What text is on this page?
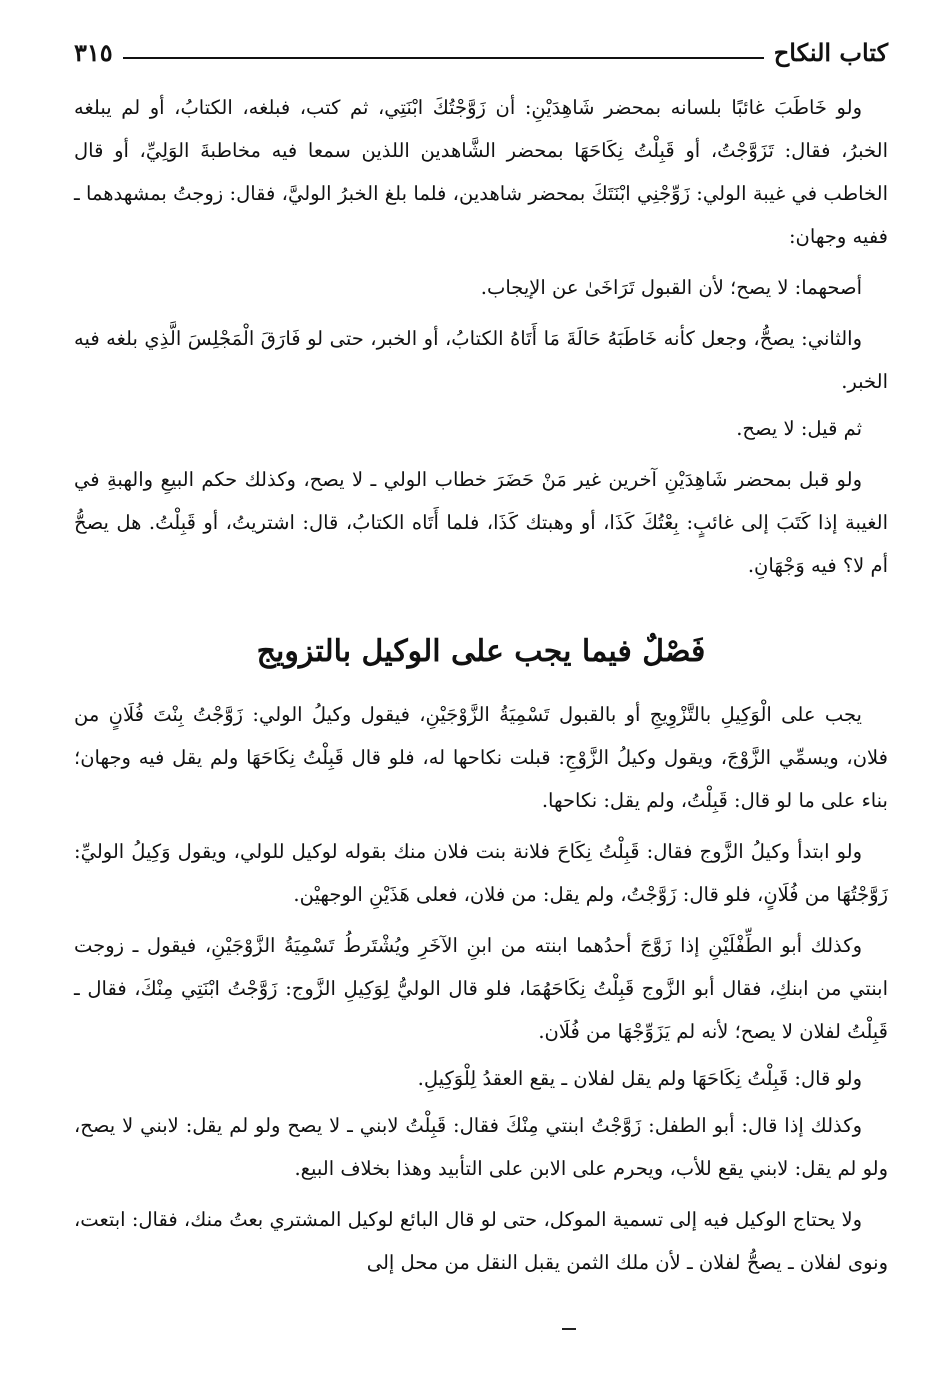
كتاب النكاح
٣١٥

ولو خَاطَبَ غائبًا بلسانه بمحضر شَاهِدَيْنِ: أن زَوَّجْتُكَ ابْنَتِي، ثم كتب، فبلغه، الكتابُ، أو لم يبلغه الخبرُ، فقال: تَزَوَّجْتُ، أو قَبِلْتُ نِكَاحَهَا بمحضر الشَّاهدين اللذين سمعا فيه مخاطبةَ الوَلِيِّ، أو قال الخاطب في غيبة الولي: زَوِّجْنِي ابْنَتَكَ بمحضر شاهدين، فلما بلغ الخبرُ الوليَّ، فقال: زوجتُ بمشهدهما ـ ففيه وجهان:

أصحهما: لا يصح؛ لأن القبول تَرَاخَىٰ عن الإيجاب.

والثاني: يصحُّ، وجعل كأنه خَاطَبَهُ حَالَةَ مَا أَتَاهُ الكتابُ، أو الخبر، حتى لو فَارَقَ الْمَجْلِسَ الَّذِي بلغه فيه الخبر.

ثم قيل: لا يصح.

ولو قبل بمحضر شَاهِدَيْنِ آخرين غير مَنْ حَضَرَ خطاب الولي ـ لا يصح، وكذلك حكم البيعِ والهبةِ في الغيبة إذا كَتَبَ إلى غائبٍ: بِعْتُكَ كَذَا، أو وهبتك كَذَا، فلما أَتَاه الكتابُ، قال: اشتريتُ، أو قَبِلْتُ. هل يصحُّ أم لا؟ فيه وَجْهَانِ.

فَصْلٌ فيما يجب على الوكيل بالتزويج

يجب على الْوَكِيلِ بالتَّزْوِيجِ أو بالقبول تَسْمِيَةُ الزَّوْجَيْنِ، فيقول وكيلُ الولي: زَوَّجْتُ بِنْتَ فُلَانٍ من فلان، ويسمِّي الزَّوْجَ، ويقول وكيلُ الزَّوْجِ: قبلت نكاحها له، فلو قال قَبِلْتُ نِكَاحَهَا ولم يقل فيه وجهان؛ بناء على ما لو قال: قَبِلْتُ، ولم يقل: نكاحها.

ولو ابتدأ وكيلُ الزَّوج فقال: قَبِلْتُ نِكَاحَ فلانة بنت فلان منك بقوله لوكيل للولي، ويقول وَكِيلُ الوليِّ: زَوَّجْتُهَا من فُلَانٍ، فلو قال: زَوَّجْتُ، ولم يقل: من فلان، فعلى هَذَيْنِ الوجهيْن.

وكذلك أبو الطِّفْلَيْنِ إذا زَوَّجَ أحدُهما ابنته من ابنِ الآخَرِ ويُشْتَرطُ تَسْمِيَةُ الزَّوْجَيْنِ، فيقول ـ زوجت ابنتي من ابنكِ، فقال أبو الزَّوج قَبِلْتُ نِكَاحَهُمَا، فلو قال الوليُّ لِوَكِيلِ الزَّوج: زَوَّجْتُ ابْنَتِي مِنْكَ، فقال ـ قَبِلْتُ لفلان لا يصح؛ لأنه لم يَزَوِّجْهَا من فُلَان.

ولو قال: قَبِلْتُ نِكَاحَهَا ولم يقل لفلان ـ يقع العقدُ لِلْوَكِيلِ.

وكذلك إذا قال: أبو الطفل: زَوَّجْتُ ابنتي مِنْكَ فقال: قَبِلْتُ لابني ـ لا يصح ولو لم يقل: لابني لا يصح، ولو لم يقل: لابني يقع للأب، ويحرم على الابن على التأبيد وهذا بخلاف البيع.

ولا يحتاج الوكيل فيه إلى تسمية الموكل، حتى لو قال البائع لوكيل المشتري بعتُ منك، فقال: ابتعت، ونوى لفلان ـ يصحُّ لفلان ـ لأن ملك الثمن يقبل النقل من محل إلى
